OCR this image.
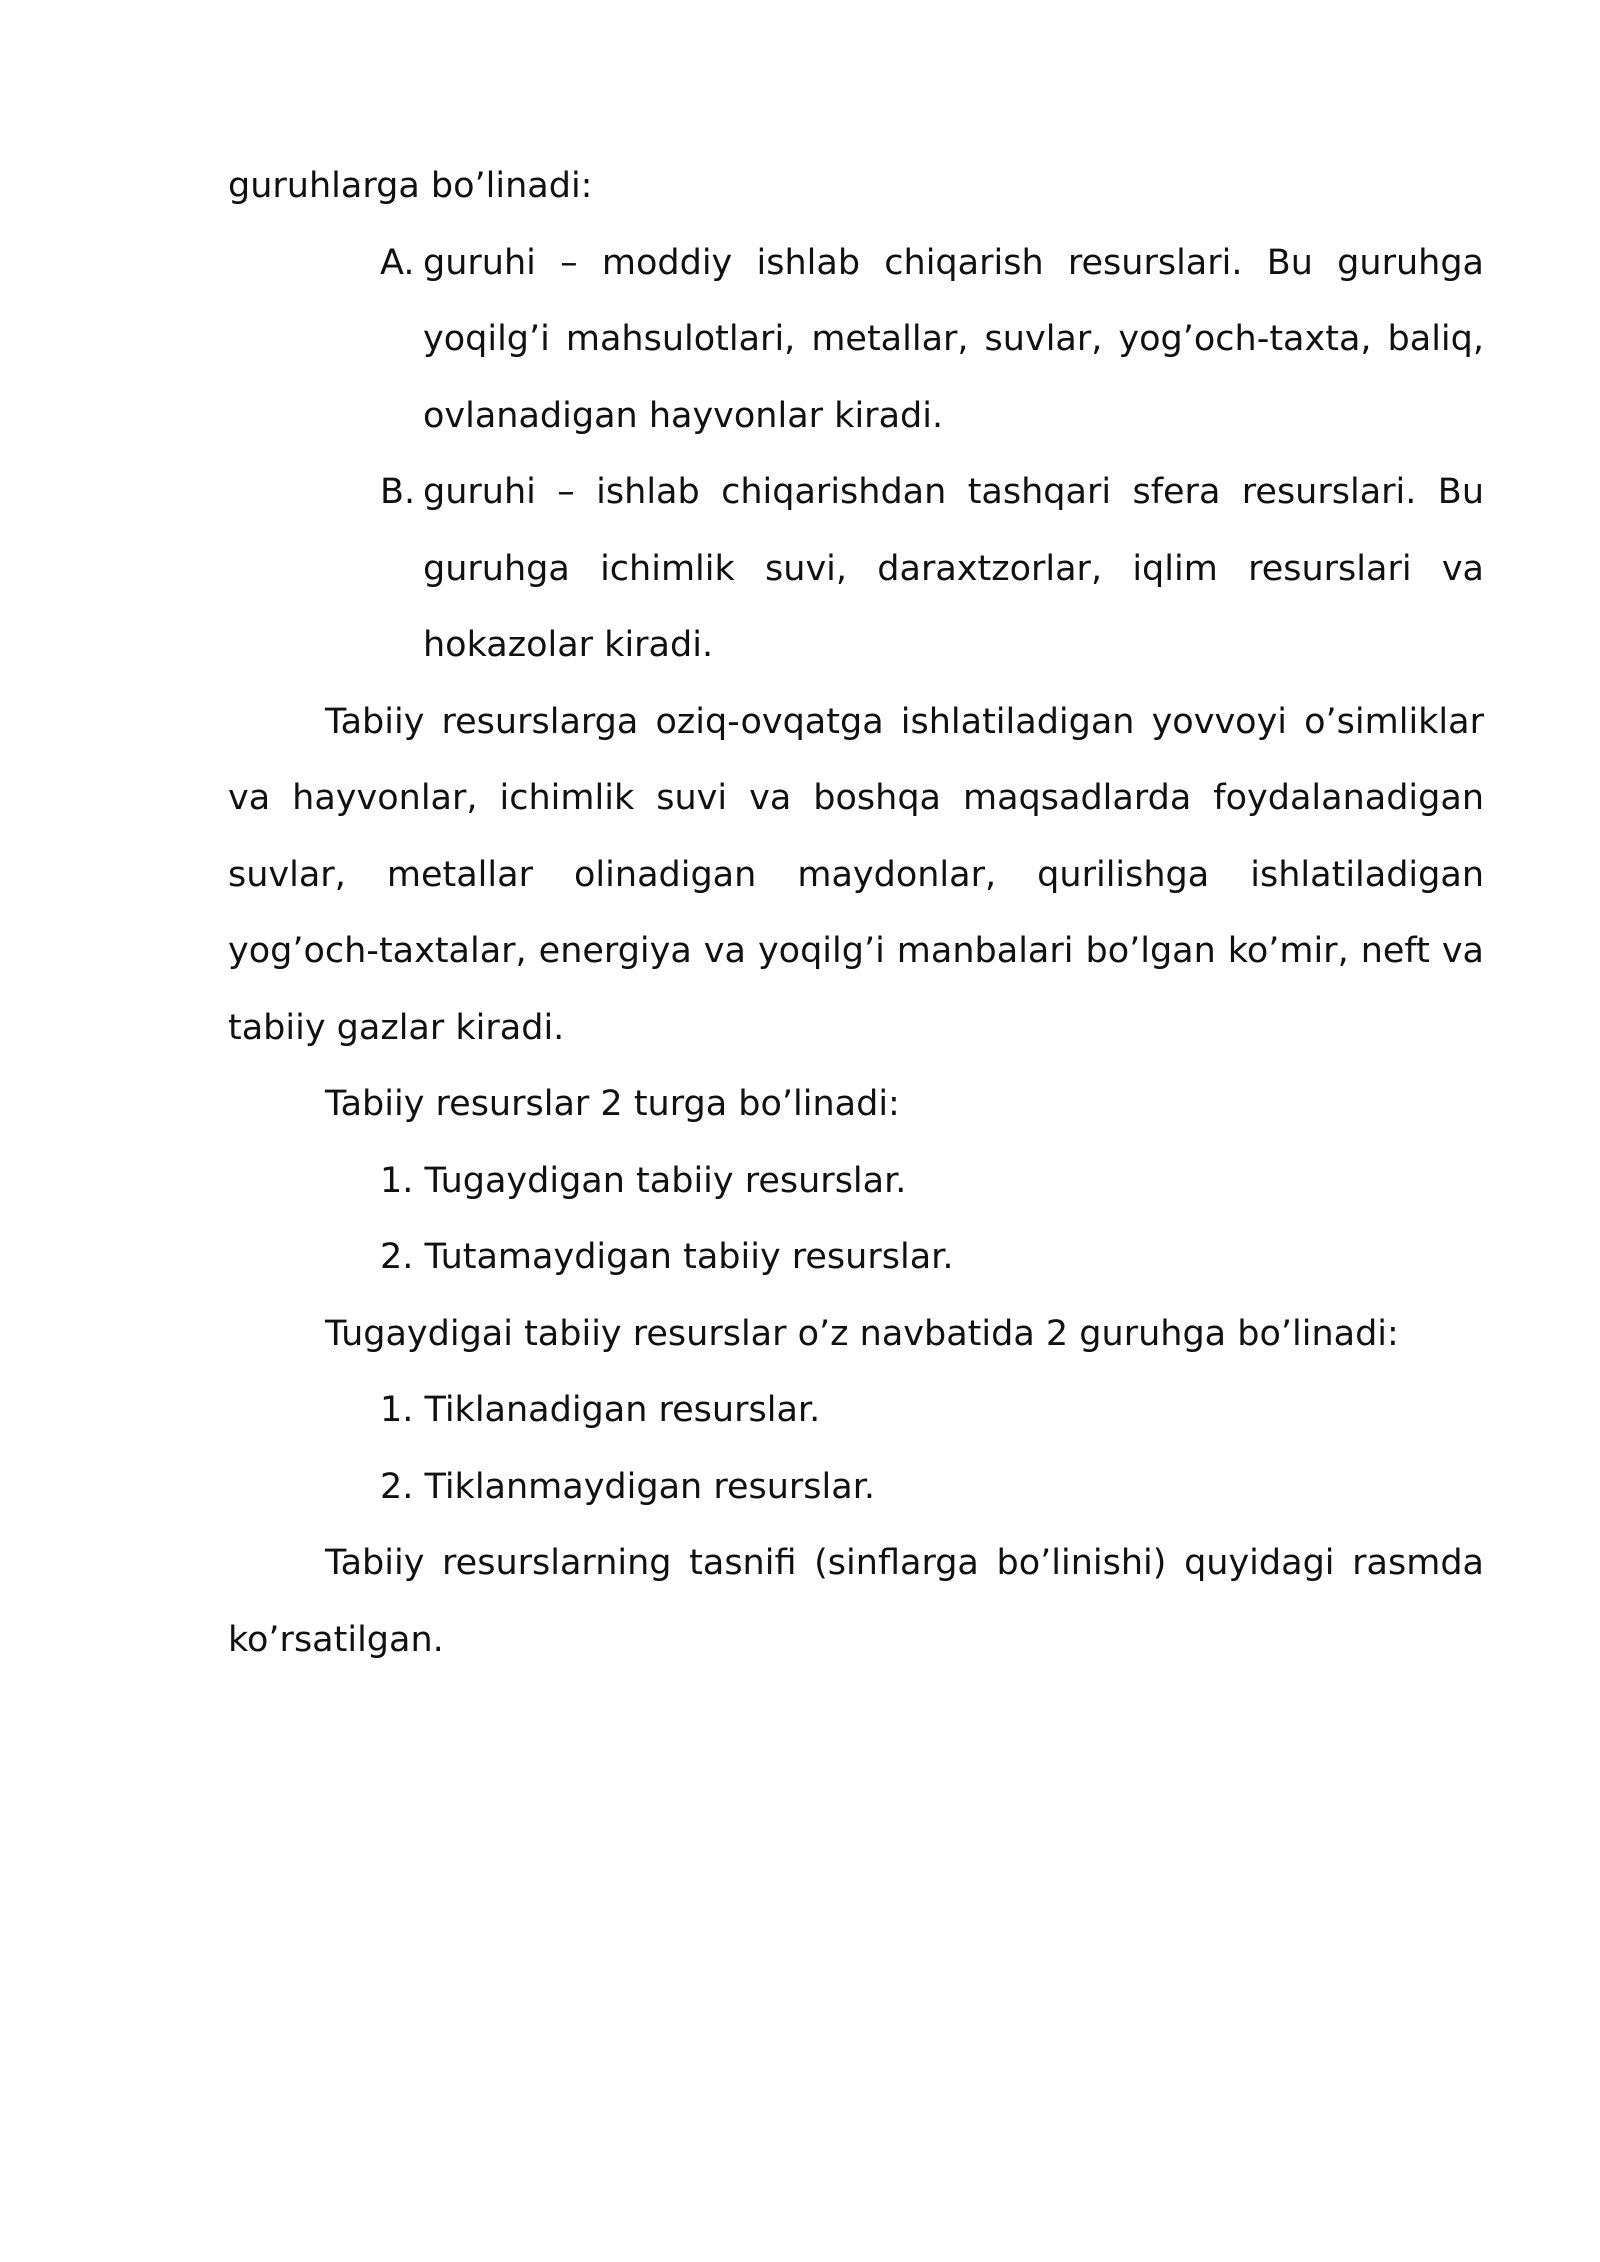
guruhlarga bo’linadi:

A. guruhi – moddiy ishlab chiqarish resurslari. Bu guruhga yoqilg’i mahsulotlari, metallar, suvlar, yog’och-taxta, baliq, ovlanadigan hayvonlar kiradi.

B. guruhi – ishlab chiqarishdan tashqari sfera resurslari. Bu guruhga ichimlik suvi, daraxtzorlar, iqlim resurslari va hokazolar kiradi.

Tabiiy resurslarga oziq-ovqatga ishlatiladigan yovvoyi o’simliklar va hayvonlar, ichimlik suvi va boshqa maqsadlarda foydalanadigan suvlar, metallar olinadigan maydonlar, qurilishga ishlatiladigan yog’och-taxtalar, energiya va yoqilg’i manbalari bo’lgan ko’mir, neft va tabiiy gazlar kiradi.

Tabiiy resurslar 2 turga bo’linadi:

1. Tugaydigan tabiiy resurslar.

2. Tutamaydigan tabiiy resurslar.

Tugaydigai tabiiy resurslar o’z navbatida 2 guruhga bo’linadi:

1. Tiklanadigan resurslar.

2. Tiklanmaydigan resurslar.

Tabiiy resurslarning tasnifi (sinflarga bo’linishi) quyidagi rasmda ko’rsatilgan.
